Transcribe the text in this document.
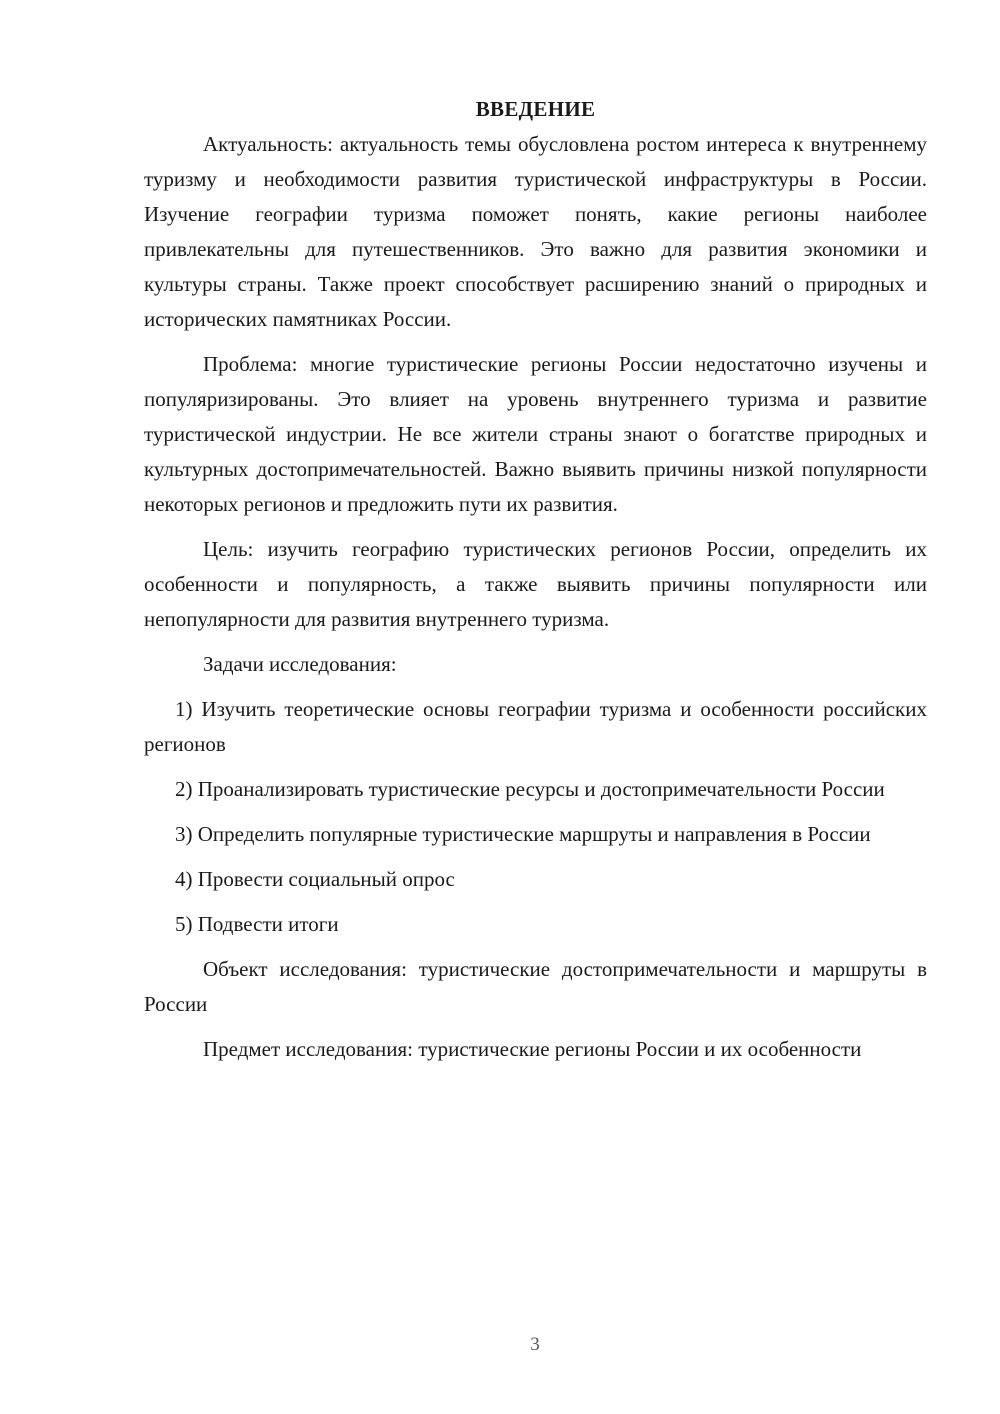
ВВЕДЕНИЕ

Актуальность: актуальность темы обусловлена ростом интереса к внутреннему туризму и необходимости развития туристической инфраструктуры в России. Изучение географии туризма поможет понять, какие регионы наиболее привлекательны для путешественников. Это важно для развития экономики и культуры страны. Также проект способствует расширению знаний о природных и исторических памятниках России.

Проблема: многие туристические регионы России недостаточно изучены и популяризированы. Это влияет на уровень внутреннего туризма и развитие туристической индустрии. Не все жители страны знают о богатстве природных и культурных достопримечательностей. Важно выявить причины низкой популярности некоторых регионов и предложить пути их развития.

Цель: изучить географию туристических регионов России, определить их особенности и популярность, а также выявить причины популярности или непопулярности для развития внутреннего туризма.

Задачи исследования:

1) Изучить теоретические основы географии туризма и особенности российских регионов

2) Проанализировать туристические ресурсы и достопримечательности России

3) Определить популярные туристические маршруты и направления в России

4) Провести социальный опрос

5) Подвести итоги

Объект исследования: туристические достопримечательности и маршруты в России

Предмет исследования: туристические регионы России и их особенности

3
